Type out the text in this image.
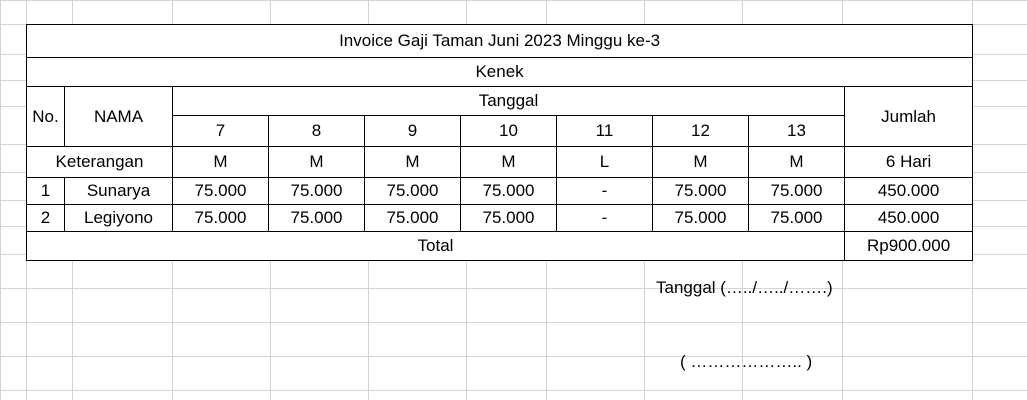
Invoice Gaji Taman Juni 2023 Minggu ke-3									
Kenek									
No.	NAMA	Tanggal							Jumlah
		7	8	9	10	11	12	13	
Keterangan		M	M	M	M	L	M	M	6 Hari
1	Sunarya	75.000	75.000	75.000	75.000	-	75.000	75.000	450.000
2	Legiyono	75.000	75.000	75.000	75.000	-	75.000	75.000	450.000
Total									Rp900.000
Tanggal (…../…../…….)
( ……………….. )
